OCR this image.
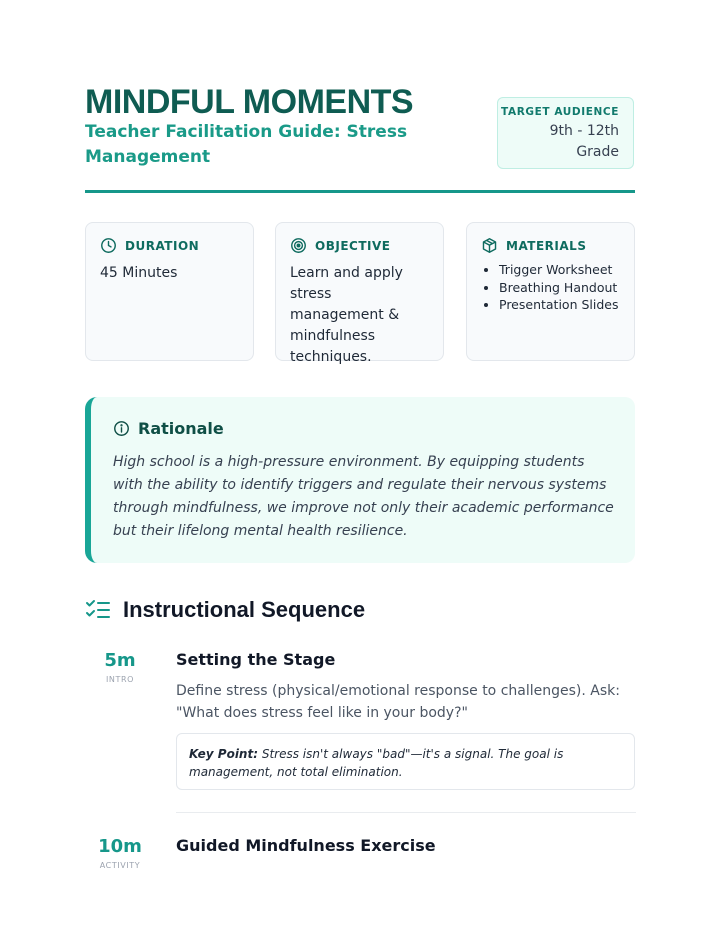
MINDFUL MOMENTS
Teacher Facilitation Guide: Stress Management
TARGET AUDIENCE
9th - 12th
Grade
DURATION
45 Minutes
OBJECTIVE
Learn and apply stress management & mindfulness techniques.
MATERIALS
• Trigger Worksheet
• Breathing Handout
• Presentation Slides
Rationale
High school is a high-pressure environment. By equipping students with the ability to identify triggers and regulate their nervous systems through mindfulness, we improve not only their academic performance but their lifelong mental health resilience.
Instructional Sequence
5m
INTRO
Setting the Stage
Define stress (physical/emotional response to challenges). Ask: "What does stress feel like in your body?"
Key Point: Stress isn't always "bad"—it's a signal. The goal is management, not total elimination.
10m
ACTIVITY
Guided Mindfulness Exercise
